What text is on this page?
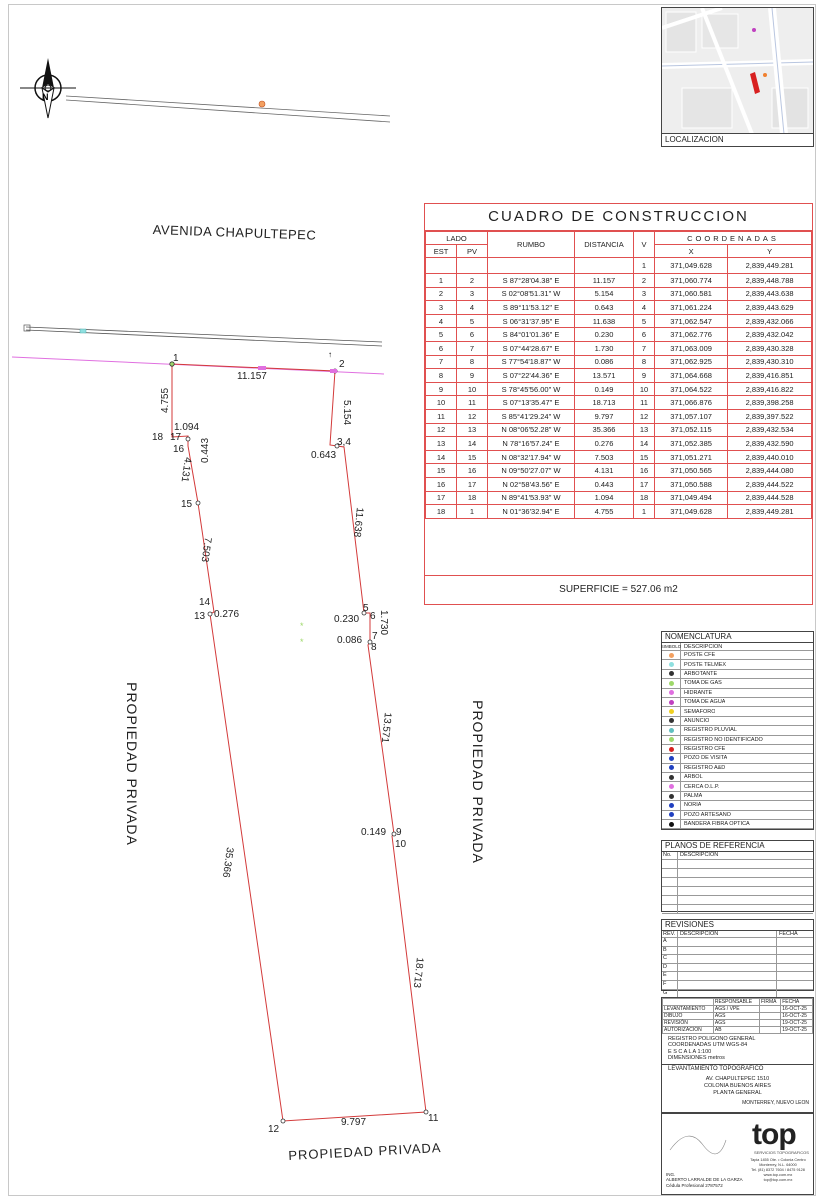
N
↑
*
*
AVENIDA CHAPULTEPEC
PROPIEDAD PRIVADA	PROPIEDAD PRIVADA
PROPIEDAD PRIVADA
1
2
3,4
5
6
7
8
9
10
11
12
13
14
15
16
17
18
11.157
5.154
0.643
11.638
0.230 1.730
0.086
13.571
0.149
18.713
9.797
35.366
0.276
7.503
4.131
0.443
1.094
4.755
LOCALIZACION
CUADRO DE CONSTRUCCION
LADO		RUMBO	DISTANCIA	V	COORDENADAS	
EST	PV				X	Y
				1	371,049.628	2,839,449.281
1	2	S 87°28'04.38" E	11.157	2	371,060.774	2,839,448.788
2	3	S 02°08'51.31" W	5.154	3	371,060.581	2,839,443.638
3	4	S 89°11'53.12" E	0.643	4	371,061.224	2,839,443.629
4	5	S 06°31'37.95" E	11.638	5	371,062.547	2,839,432.066
5	6	S 84°01'01.36" E	0.230	6	371,062.776	2,839,432.042
6	7	S 07°44'28.67" E	1.730	7	371,063.009	2,839,430.328
7	8	S 77°54'18.87" W	0.086	8	371,062.925	2,839,430.310
8	9	S 07°22'44.36" E	13.571	9	371,064.668	2,839,416.851
9	10	S 78°45'56.00" W	0.149	10	371,064.522	2,839,416.822
10	11	S 07°13'35.47" E	18.713	11	371,066.876	2,839,398.258
11	12	S 85°41'29.24" W	9.797	12	371,057.107	2,839,397.522
12	13	N 08°06'52.28" W	35.366	13	371,052.115	2,839,432.534
13	14	N 78°16'57.24" E	0.276	14	371,052.385	2,839,432.590
14	15	N 08°32'17.94" W	7.503	15	371,051.271	2,839,440.010
15	16	N 09°50'27.07" W	4.131	16	371,050.565	2,839,444.080
16	17	N 02°58'43.56" E	0.443	17	371,050.588	2,839,444.522
17	18	N 89°41'53.93" W	1.094	18	371,049.494	2,839,444.528
18	1	N 01°36'32.94" E	4.755	1	371,049.628	2,839,449.281
SUPERFICIE = 527.06 m2
NOMENCLATURA
SIMBOLO DESCRIPCION
POSTE CFE
POSTE TELMEX
ARBOTANTE
TOMA DE GAS
HIDRANTE
TOMA DE AGUA
SEMAFORO
ANUNCIO
REGISTRO PLUVIAL
REGISTRO NO IDENTIFICADO
REGISTRO CFE
POZO DE VISITA
REGISTRO A&D
ARBOL
CERCA O.L.P.
PALMA
NORIA
POZO ARTESANO
BANDERA FIBRA ÓPTICA
PLANOS DE REFERENCIA
No.	DESCRIPCION
REVISIONES
REV. DESCRIPCION	FECHA
A
B
C
D
E
F
G
	RESPONSABLE	FIRMA	FECHA
LEVANTAMIENTO	AGS / VPE		16-OCT-25
DIBUJO	AGS		16-OCT-25
REVISIÓN	AGS		19-OCT-25
AUTORIZACION	AB		19-OCT-25
REGISTRO POLIGONO GENERAL
COORDENADAS UTM WGS-84
E S C A L A 1:100
DIMENSIONES metros
LEVANTAMIENTO TOPOGRAFICO
AV. CHAPULTEPEC 1510
COLONIA BUENOS AIRES
PLANTA GENERAL
MONTERREY, NUEVO LEON
top
SERVICIOS TOPOGRAFICOS
Tapia 1455 Ote. • Colonia Centro
Monterrey, N.L. 64000
Tel. (81) 8372 7604 / 8475 9128
www.top.com.mx
top@top.com.mx
ING.
ALBERTO LARRALDE DE LA GARZA
Cédula Profesional 2787572
